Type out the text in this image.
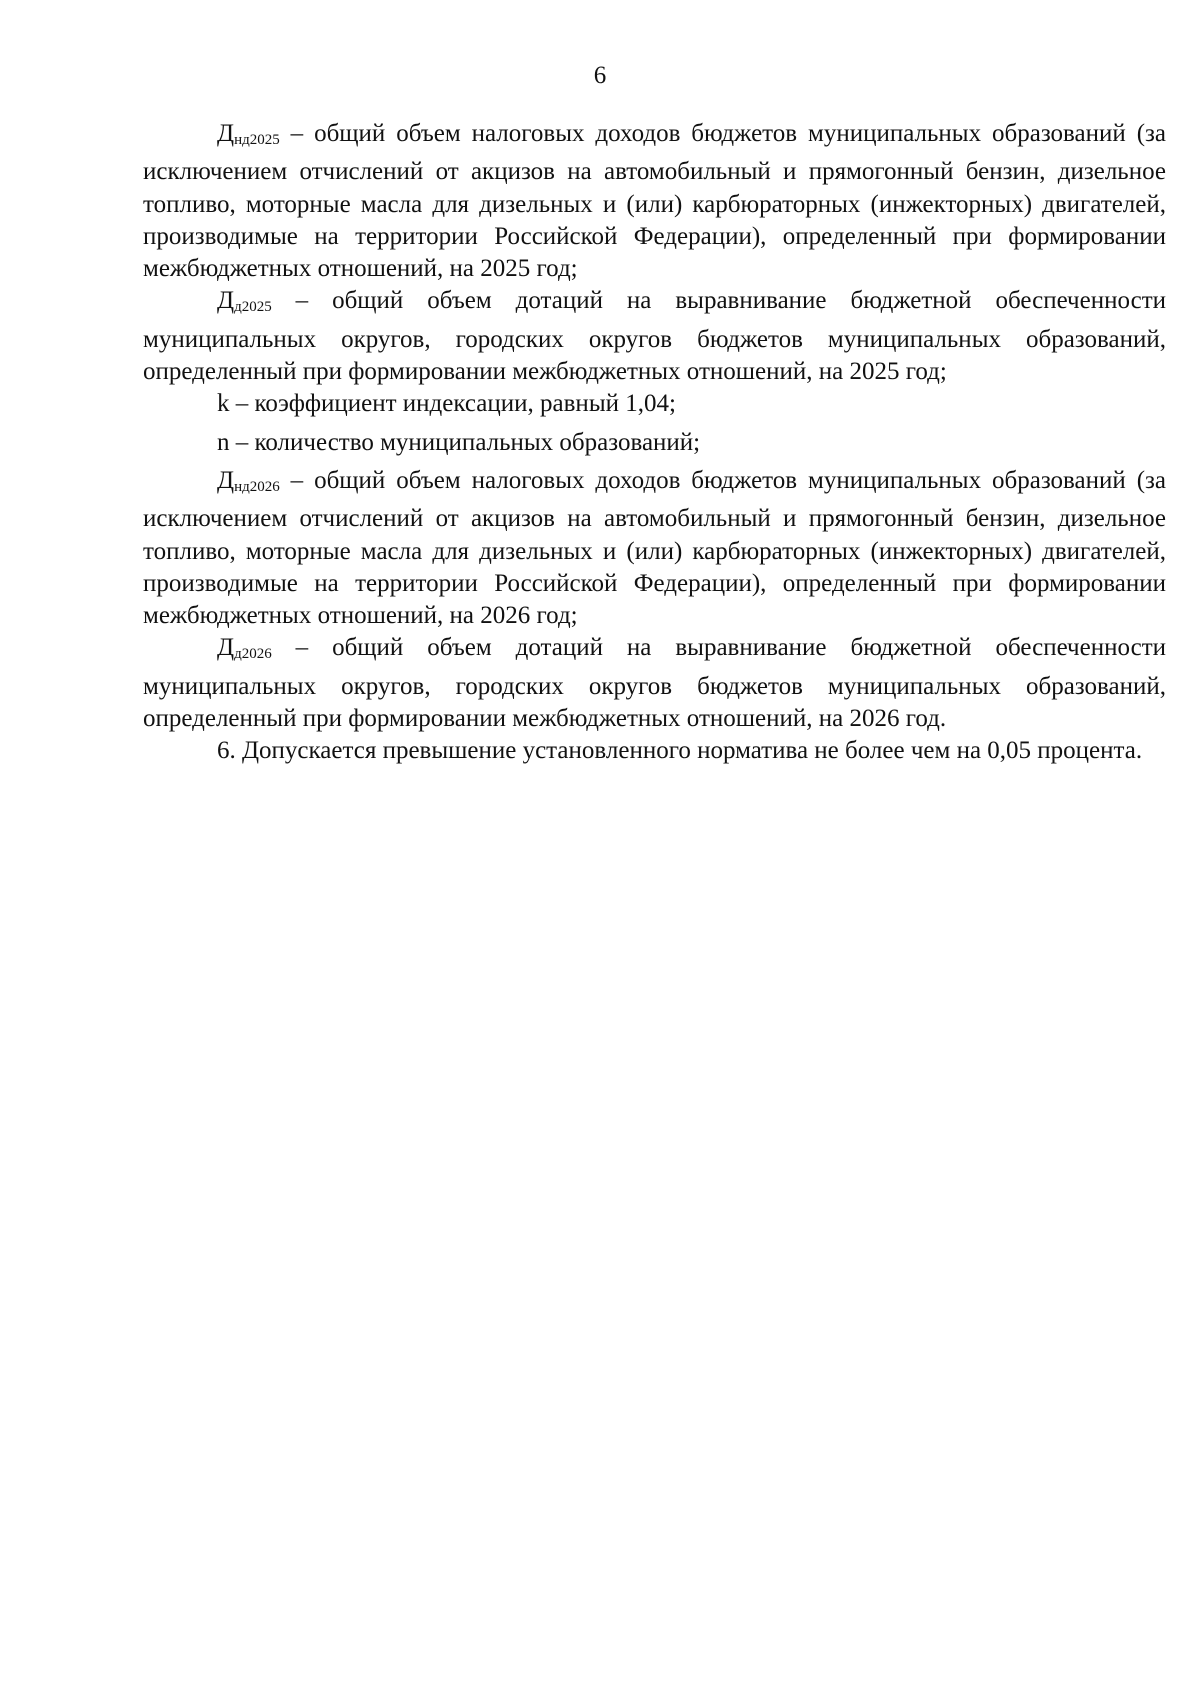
6

Днд2025 – общий объем налоговых доходов бюджетов муниципальных образований (за исключением отчислений от акцизов на автомобильный и прямогонный бензин, дизельное топливо, моторные масла для дизельных и (или) карбюраторных (инжекторных) двигателей, производимые на территории Российской Федерации), определенный при формировании межбюджетных отношений, на 2025 год;

Дд2025 – общий объем дотаций на выравнивание бюджетной обеспеченности муниципальных округов, городских округов бюджетов муниципальных образований, определенный при формировании межбюджетных отношений, на 2025 год;

k – коэффициент индексации, равный 1,04;

n – количество муниципальных образований;

Днд2026 – общий объем налоговых доходов бюджетов муниципальных образований (за исключением отчислений от акцизов на автомобильный и прямогонный бензин, дизельное топливо, моторные масла для дизельных и (или) карбюраторных (инжекторных) двигателей, производимые на территории Российской Федерации), определенный при формировании межбюджетных отношений, на 2026 год;

Дд2026 – общий объем дотаций на выравнивание бюджетной обеспеченности муниципальных округов, городских округов бюджетов муниципальных образований, определенный при формировании межбюджетных отношений, на 2026 год.

6. Допускается превышение установленного норматива не более чем на 0,05 процента.
